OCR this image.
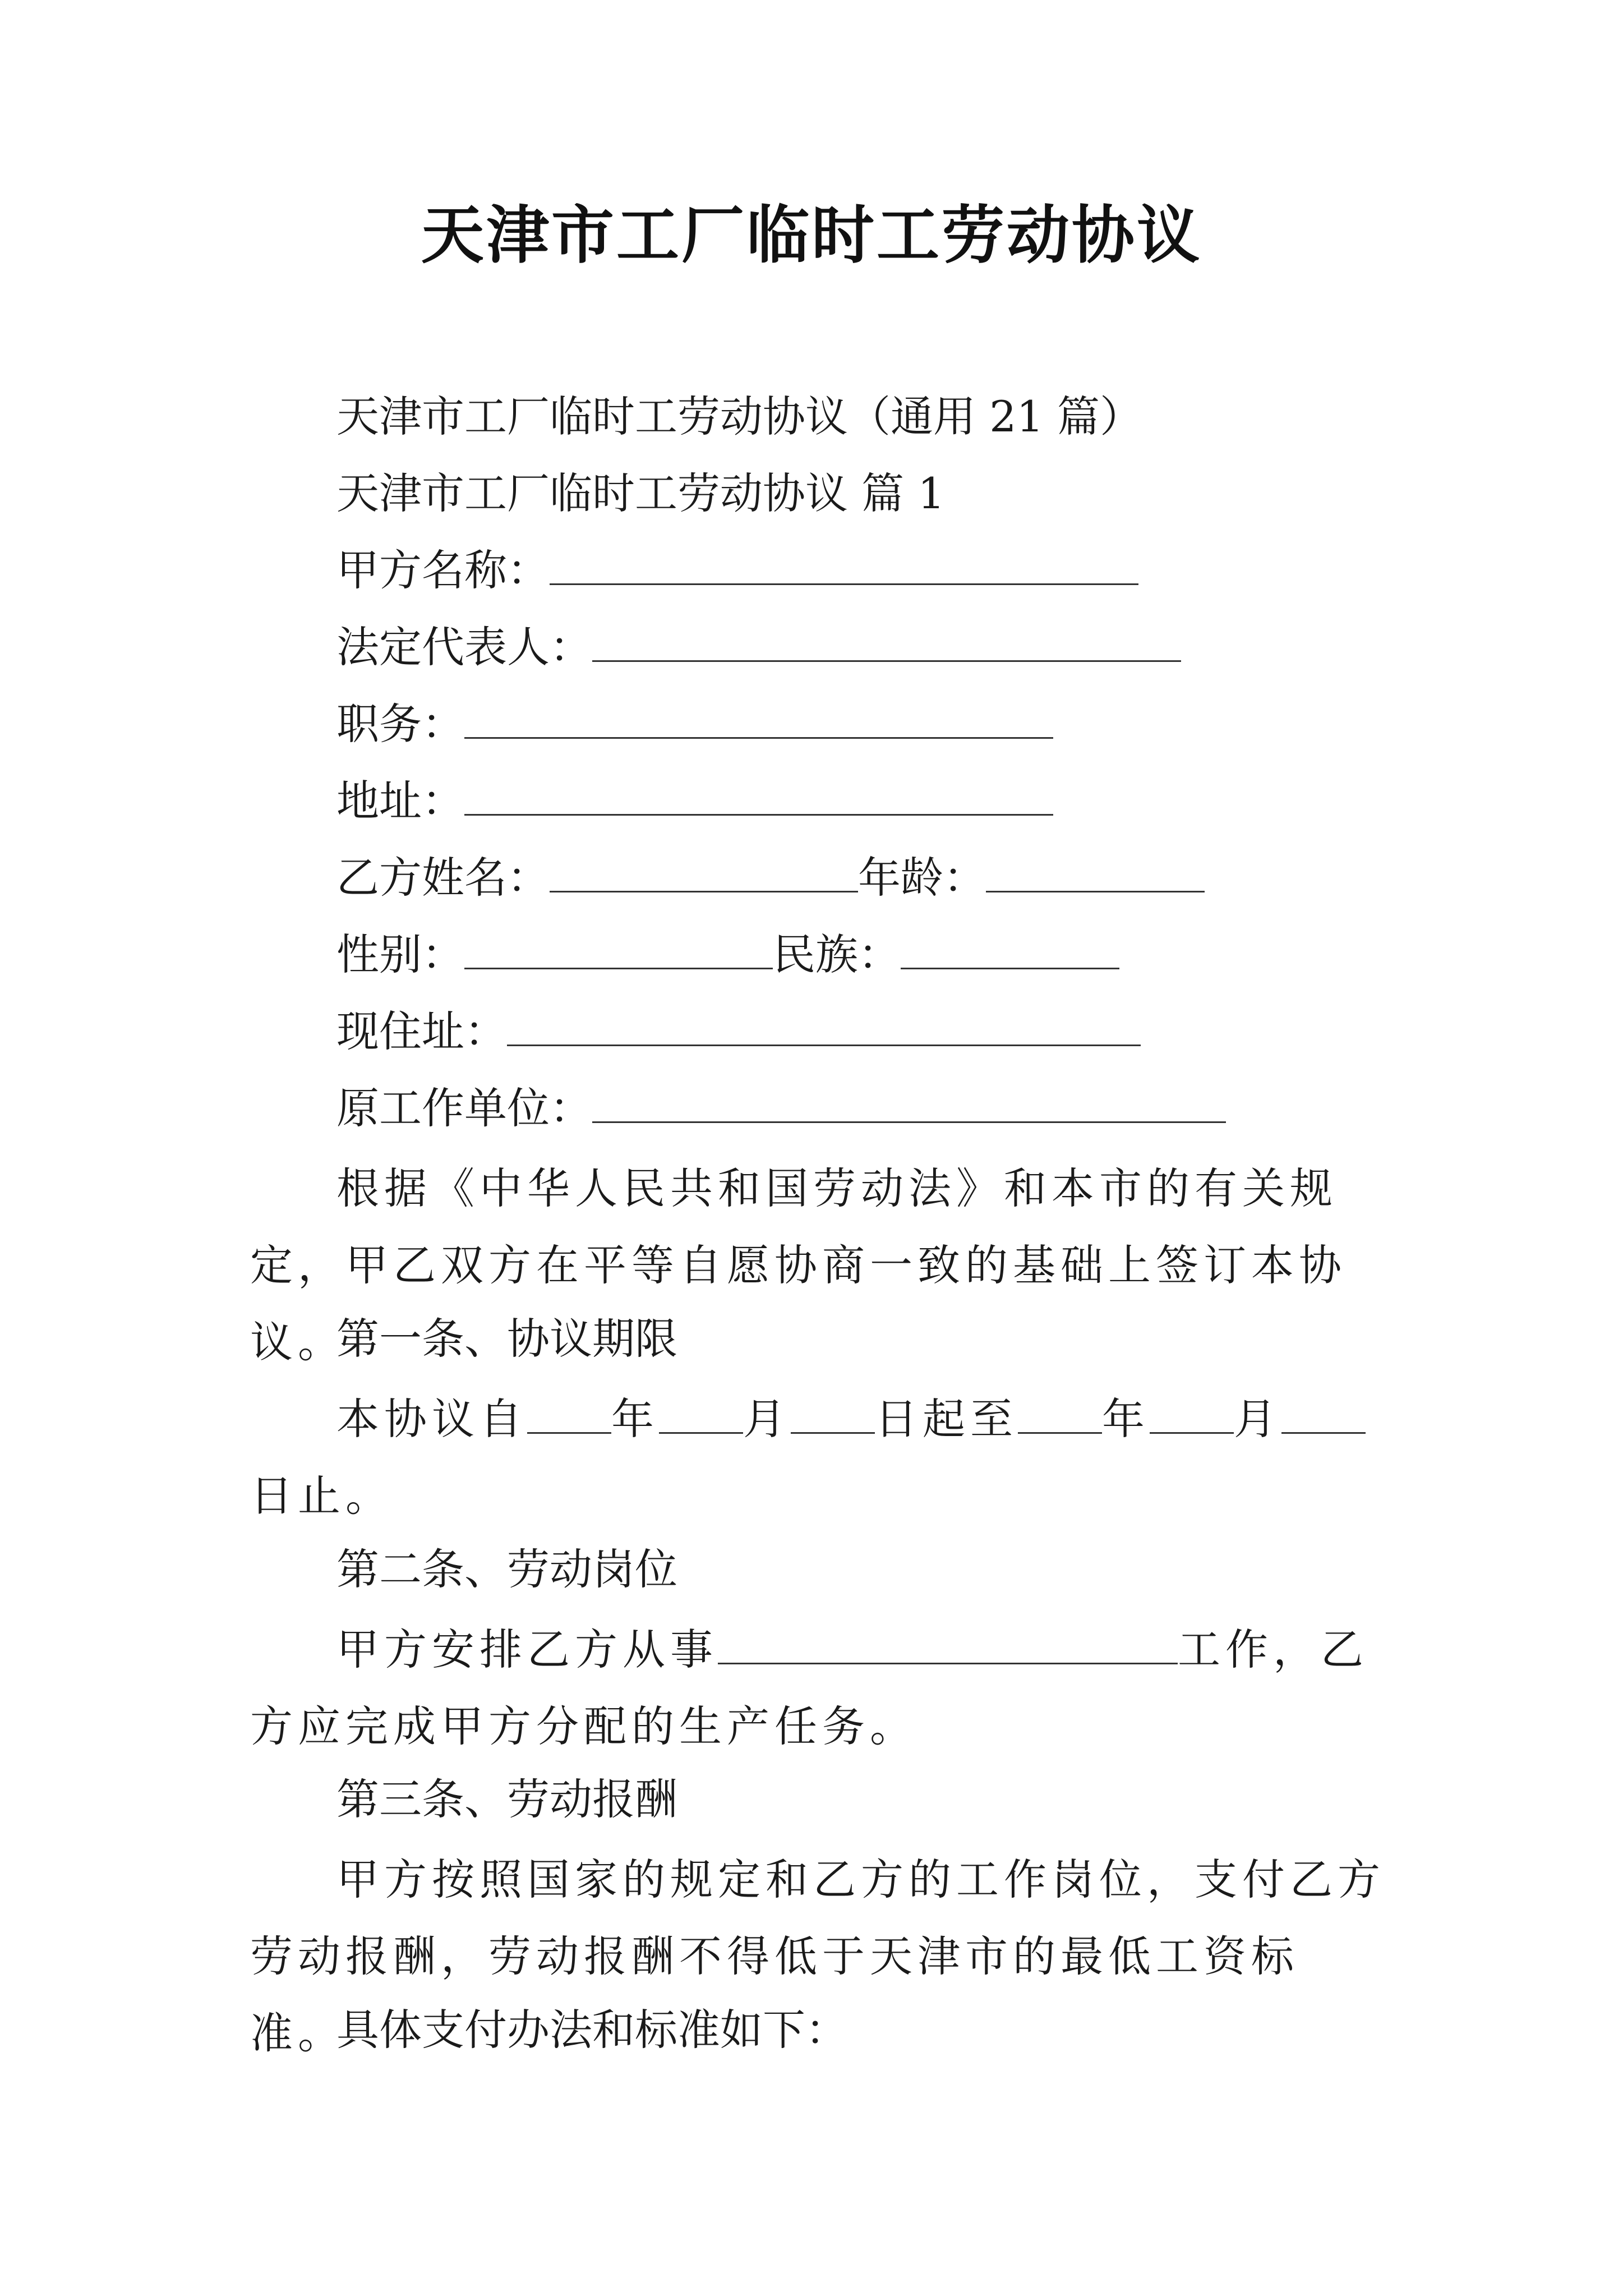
天津市工厂临时工劳动协议
天津市工厂临时工劳动协议（通用 21 篇）
天津市工厂临时工劳动协议 篇 1
甲方名称：
法定代表人：
职务：
地址：
乙方姓名：	年龄：
性别：	民族：
现住址：
原工作单位：
根据《中华人民共和国劳动法》和本市的有关规定，甲乙双方在平等自愿协商一致的基础上签订本协议。
第一条、协议期限
本协议自 年 月 日起至 年 月日止。
第二条、劳动岗位
甲方安排乙方从事	工作，乙方应完成甲方分配的生产任务。
第三条、劳动报酬
甲方按照国家的规定和乙方的工作岗位，支付乙方劳动报酬，劳动报酬不得低于天津市的最低工资标准。
具体支付办法和标准如下：
